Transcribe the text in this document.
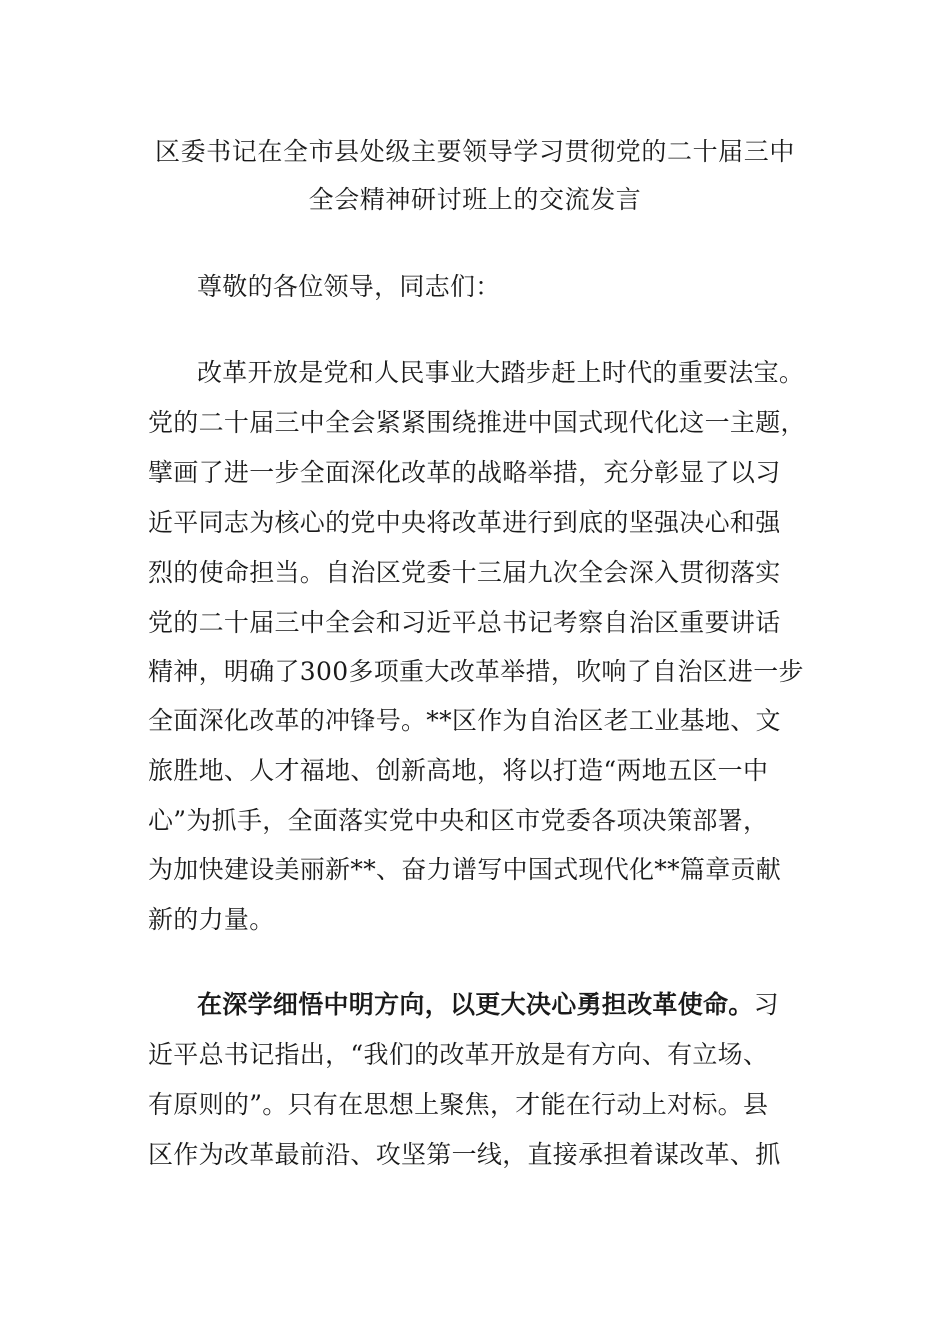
区委书记在全市县处级主要领导学习贯彻党的二十届三中
全会精神研讨班上的交流发言
尊敬的各位领导，同志们：
改革开放是党和人民事业大踏步赶上时代的重要法宝。
党的二十届三中全会紧紧围绕推进中国式现代化这一主题，
擘画了进一步全面深化改革的战略举措，充分彰显了以习
近平同志为核心的党中央将改革进行到底的坚强决心和强
烈的使命担当。自治区党委十三届九次全会深入贯彻落实
党的二十届三中全会和习近平总书记考察自治区重要讲话
精神，明确了300多项重大改革举措，吹响了自治区进一步
全面深化改革的冲锋号。**区作为自治区老工业基地、文
旅胜地、人才福地、创新高地，将以打造“两地五区一中
心”为抓手，全面落实党中央和区市党委各项决策部署，
为加快建设美丽新**、奋力谱写中国式现代化**篇章贡献
新的力量。
在深学细悟中明方向，以更大决心勇担改革使命。习
近平总书记指出，“我们的改革开放是有方向、有立场、
有原则的”。只有在思想上聚焦，才能在行动上对标。县
区作为改革最前沿、攻坚第一线，直接承担着谋改革、抓
